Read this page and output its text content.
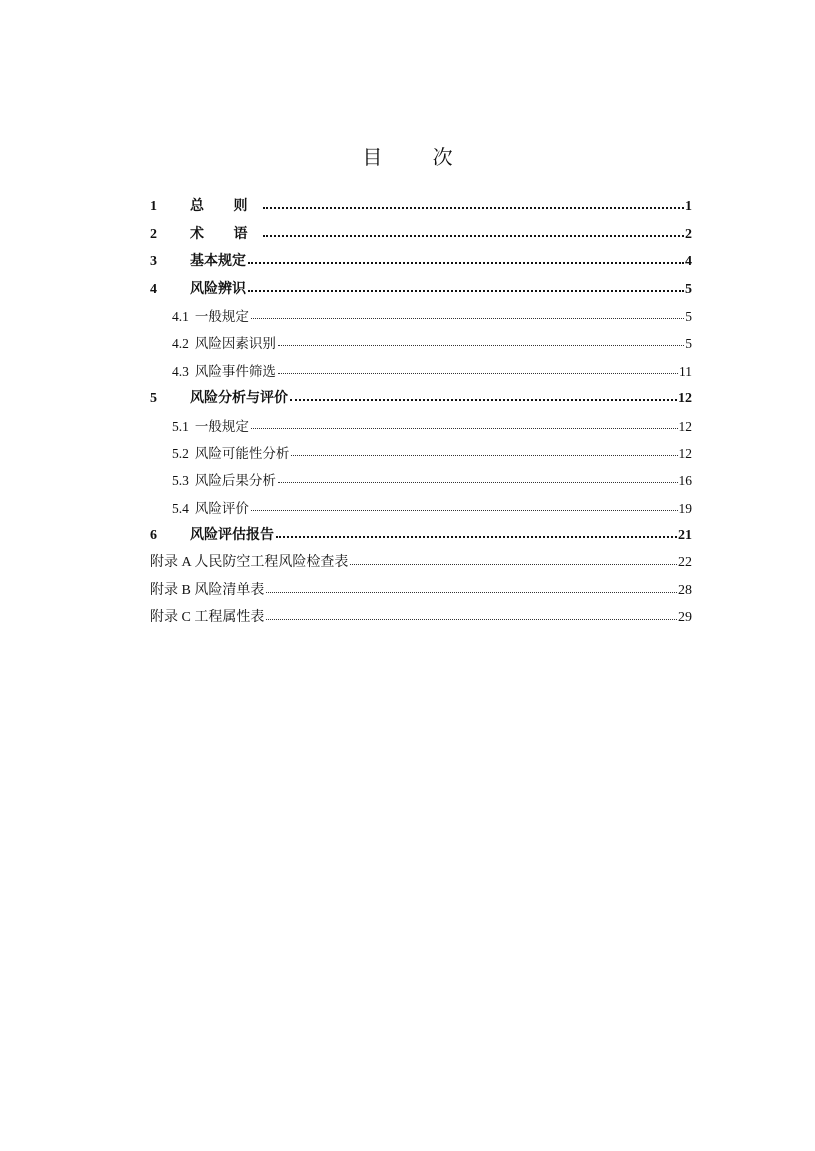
目 次
1	总 则	1
2	术 语	2
3	基本规定	4
4	风险辨识	5
4.1 一般规定	5
4.2 风险因素识别	5
4.3 风险事件筛选	11
5	风险分析与评价	12
5.1 一般规定	12
5.2 风险可能性分析	12
5.3 风险后果分析	16
5.4 风险评价	19
6	风险评估报告	21
附录 A 人民防空工程风险检查表	22
附录 B 风险清单表	28
附录 C 工程属性表	29
